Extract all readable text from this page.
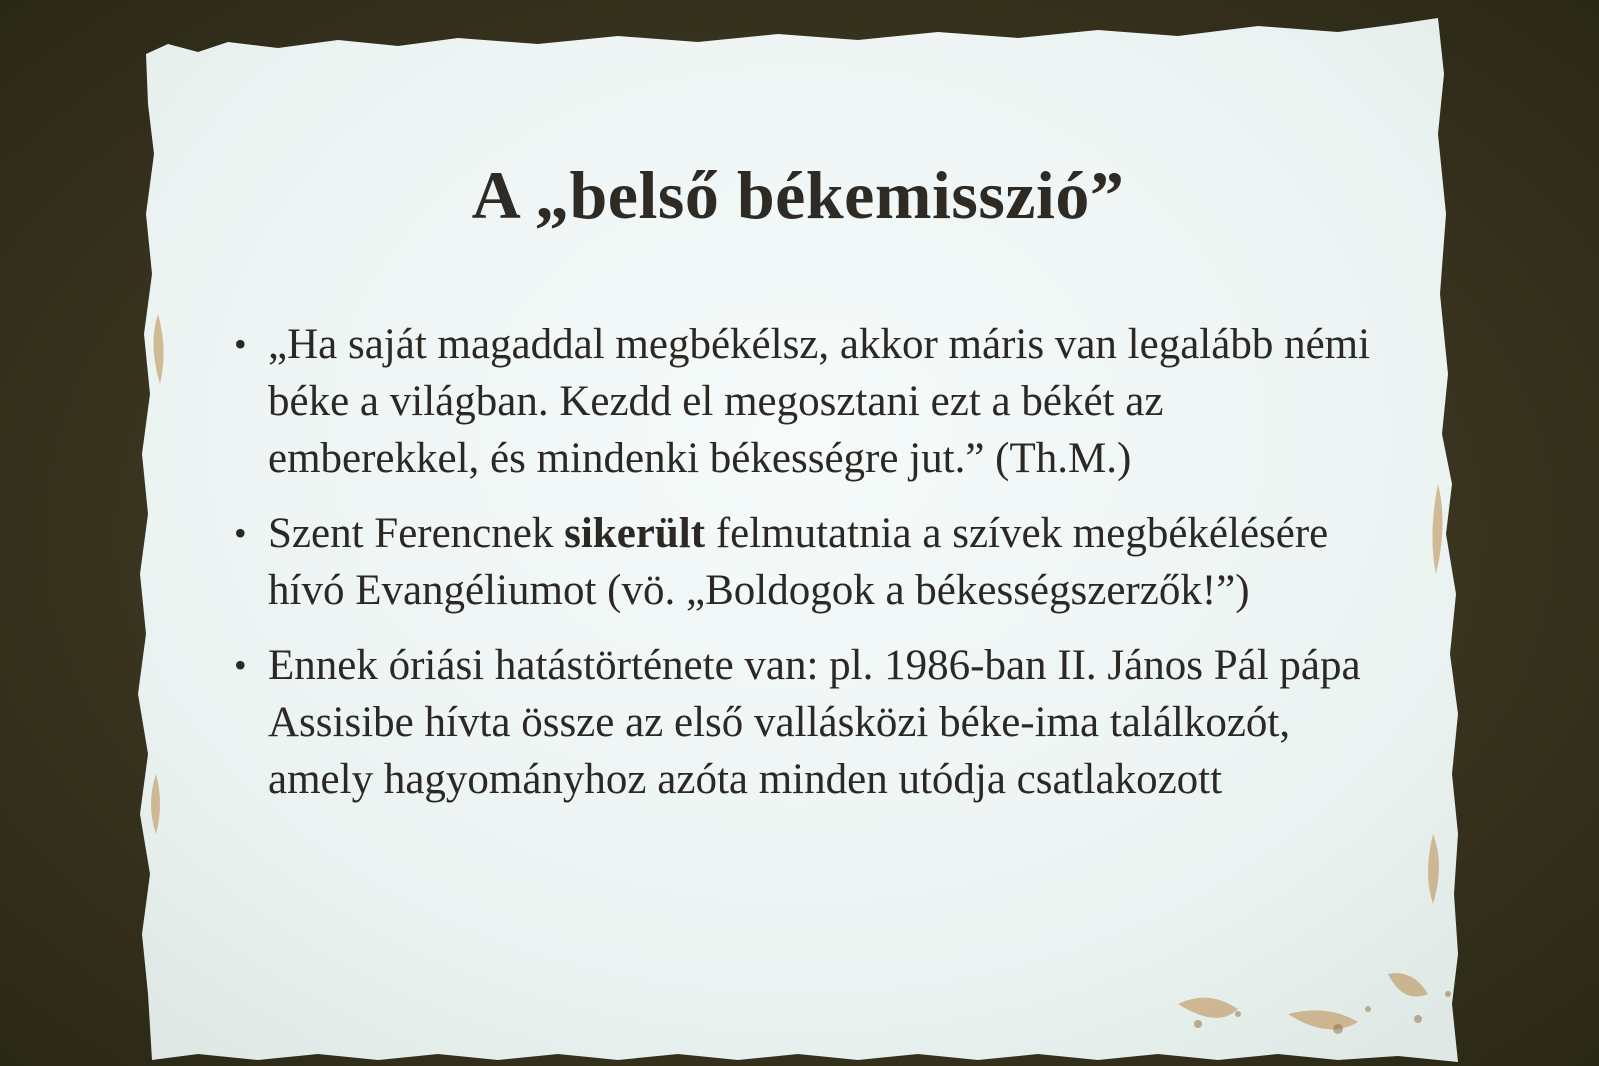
A „belső békemisszió”
• „Ha saját magaddal megbékélsz, akkor máris van legalább némi béke a világban. Kezdd el megosztani ezt a békét az emberekkel, és mindenki békességre jut.” (Th.M.)
• Szent Ferencnek sikerült felmutatnia a szívek megbékélésére hívó Evangéliumot (vö. „Boldogok a békességszerzők!”)
• Ennek óriási hatástörténete van: pl. 1986-ban II. János Pál pápa Assisibe hívta össze az első vallásközi béke-ima találkozót, amely hagyományhoz azóta minden utódja csatlakozott
